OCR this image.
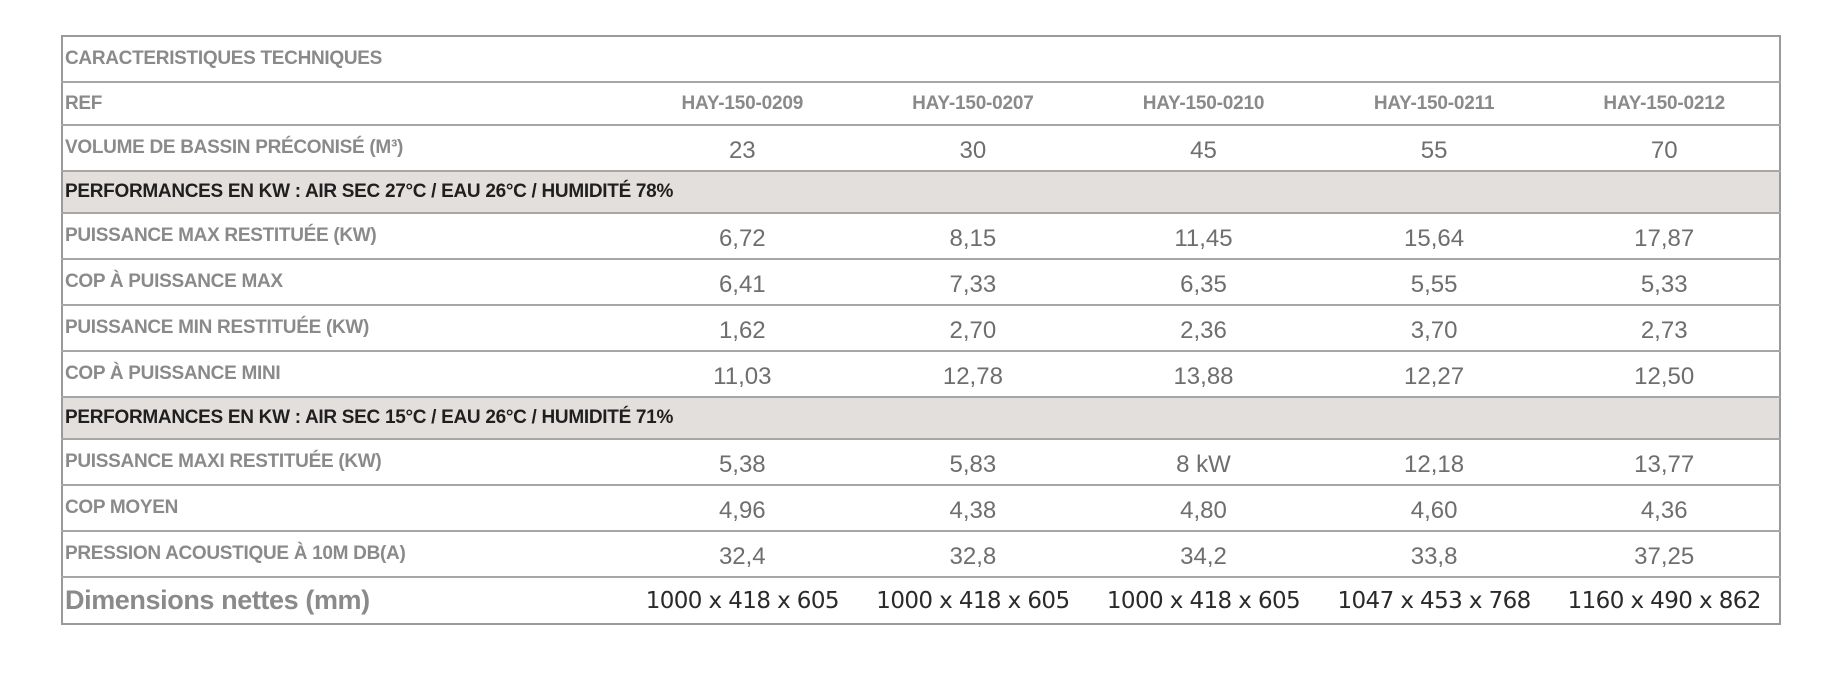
CARACTERISTIQUES TECHNIQUES					
REF	HAY-150-0209	HAY-150-0207	HAY-150-0210	HAY-150-0211	HAY-150-0212
VOLUME DE BASSIN PRÉCONISÉ (M³)	23	30	45	55	70
PERFORMANCES EN KW : AIR SEC 27°C / EAU 26°C / HUMIDITÉ 78%					
PUISSANCE MAX RESTITUÉE (KW)	6,72	8,15	11,45	15,64	17,87
COP À PUISSANCE MAX	6,41	7,33	6,35	5,55	5,33
PUISSANCE MIN RESTITUÉE (KW)	1,62	2,70	2,36	3,70	2,73
COP À PUISSANCE MINI	11,03	12,78	13,88	12,27	12,50
PERFORMANCES EN KW : AIR SEC 15°C / EAU 26°C / HUMIDITÉ 71%					
PUISSANCE MAXI RESTITUÉE (KW)	5,38	5,83	8 kW	12,18	13,77
COP MOYEN	4,96	4,38	4,80	4,60	4,36
PRESSION ACOUSTIQUE À 10M DB(A)	32,4	32,8	34,2	33,8	37,25
Dimensions nettes (mm)	1000 x 418 x 605	1000 x 418 x 605	1000 x 418 x 605	1047 x 453 x 768	1160 x 490 x 862
